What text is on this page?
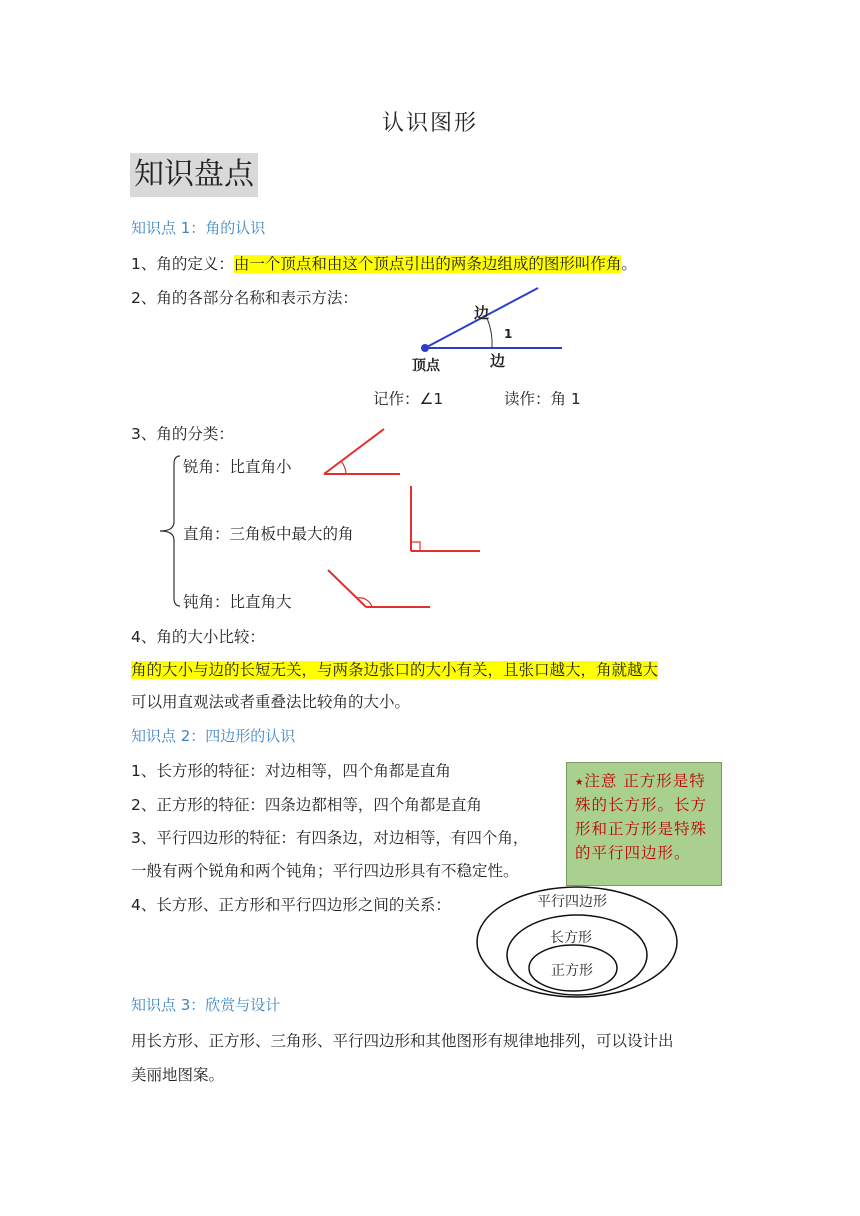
认识图形
知识盘点
知识点 1：角的认识
1、角的定义：由一个顶点和由这个顶点引出的两条边组成的图形叫作角。
2、角的各部分名称和表示方法：
边
1
顶点	边
记作：∠1	读作：角 1
3、角的分类：
锐角：比直角小
直角：三角板中最大的角
钝角：比直角大
4、角的大小比较：
角的大小与边的长短无关，与两条边张口的大小有关，且张口越大，角就越大
可以用直观法或者重叠法比较角的大小。
知识点 2：四边形的认识
1、长方形的特征：对边相等，四个角都是直角
2、正方形的特征：四条边都相等，四个角都是直角
3、平行四边形的特征：有四条边，对边相等，有四个角，
一般有两个锐角和两个钝角；平行四边形具有不稳定性。
4、长方形、正方形和平行四边形之间的关系：
⭑注意 正方形是特殊的长方形。长方形和正方形是特殊的平行四边形。
平行四边形
长方形
正方形
知识点 3：欣赏与设计
用长方形、正方形、三角形、平行四边形和其他图形有规律地排列，可以设计出
美丽地图案。
